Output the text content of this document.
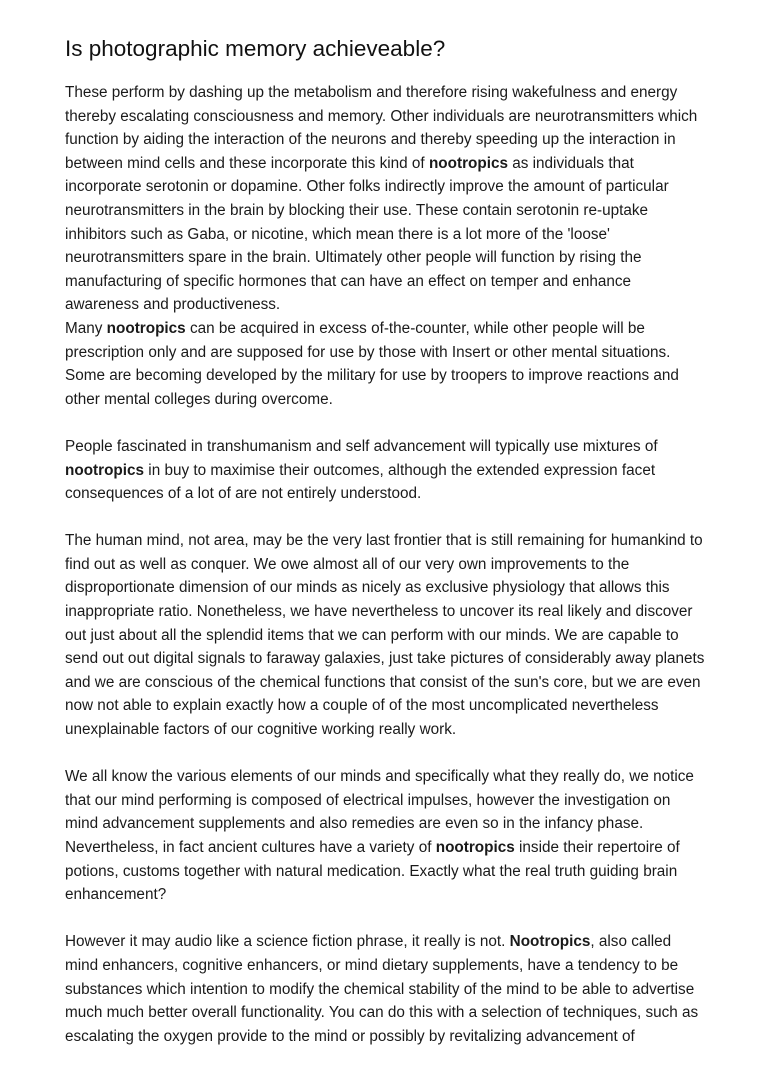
Is photographic memory achieveable?

These perform by dashing up the metabolism and therefore rising wakefulness and energy thereby escalating consciousness and memory. Other individuals are neurotransmitters which function by aiding the interaction of the neurons and thereby speeding up the interaction in between mind cells and these incorporate this kind of nootropics as individuals that incorporate serotonin or dopamine. Other folks indirectly improve the amount of particular neurotransmitters in the brain by blocking their use. These contain serotonin re-uptake inhibitors such as Gaba, or nicotine, which mean there is a lot more of the 'loose' neurotransmitters spare in the brain. Ultimately other people will function by rising the manufacturing of specific hormones that can have an effect on temper and enhance awareness and productiveness.

Many nootropics can be acquired in excess of-the-counter, while other people will be prescription only and are supposed for use by those with Insert or other mental situations. Some are becoming developed by the military for use by troopers to improve reactions and other mental colleges during overcome.

People fascinated in transhumanism and self advancement will typically use mixtures of nootropics in buy to maximise their outcomes, although the extended expression facet consequences of a lot of are not entirely understood.

The human mind, not area, may be the very last frontier that is still remaining for humankind to find out as well as conquer. We owe almost all of our very own improvements to the disproportionate dimension of our minds as nicely as exclusive physiology that allows this inappropriate ratio. Nonetheless, we have nevertheless to uncover its real likely and discover out just about all the splendid items that we can perform with our minds. We are capable to send out out digital signals to faraway galaxies, just take pictures of considerably away planets and we are conscious of the chemical functions that consist of the sun's core, but we are even now not able to explain exactly how a couple of of the most uncomplicated nevertheless unexplainable factors of our cognitive working really work.

We all know the various elements of our minds and specifically what they really do, we notice that our mind performing is composed of electrical impulses, however the investigation on mind advancement supplements and also remedies are even so in the infancy phase. Nevertheless, in fact ancient cultures have a variety of nootropics inside their repertoire of potions, customs together with natural medication. Exactly what the real truth guiding brain enhancement?

However it may audio like a science fiction phrase, it really is not. Nootropics, also called mind enhancers, cognitive enhancers, or mind dietary supplements, have a tendency to be substances which intention to modify the chemical stability of the mind to be able to advertise much much better overall functionality. You can do this with a selection of techniques, such as escalating the oxygen provide to the mind or possibly by revitalizing advancement of
